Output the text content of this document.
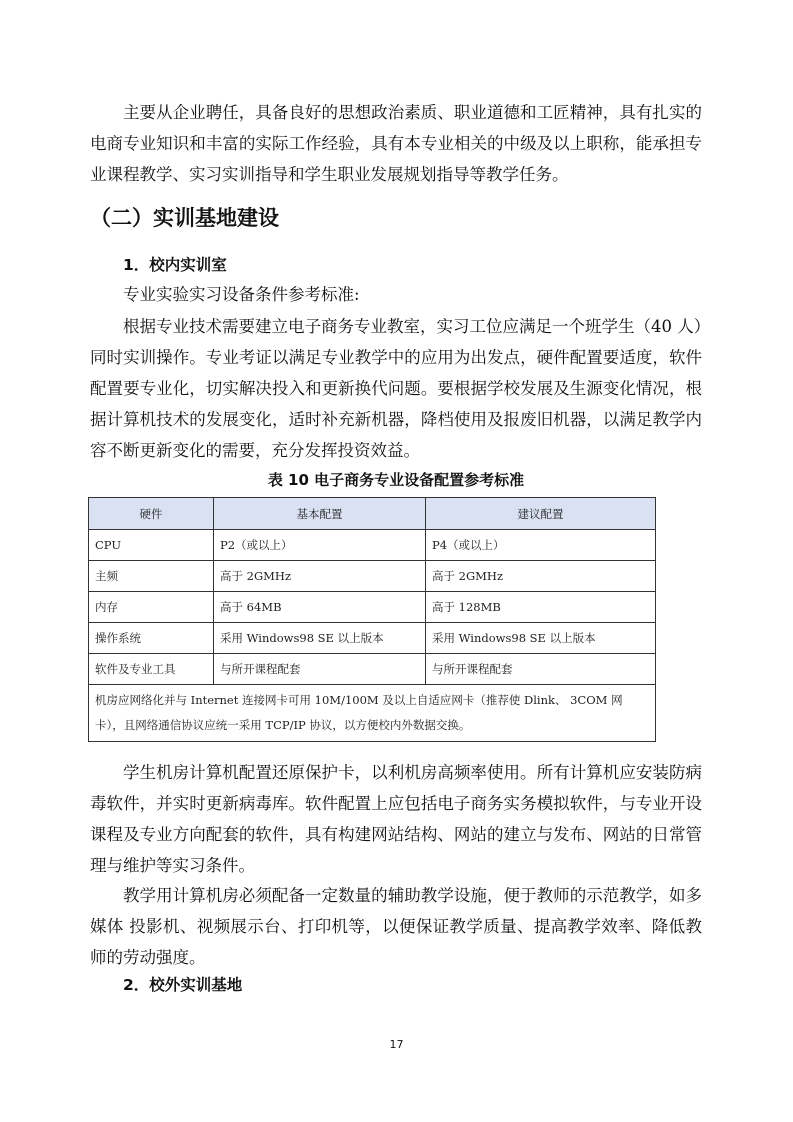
主要从企业聘任，具备良好的思想政治素质、职业道德和工匠精神，具有扎实的电商专业知识和丰富的实际工作经验，具有本专业相关的中级及以上职称，能承担专业课程教学、实习实训指导和学生职业发展规划指导等教学任务。

（二）实训基地建设
1．校内实训室

专业实验实习设备条件参考标准:

根据专业技术需要建立电子商务专业教室，实习工位应满足一个班学生（40 人）同时实训操作。专业考证以满足专业教学中的应用为出发点，硬件配置要适度，软件配置要专业化，切实解决投入和更新换代问题。要根据学校发展及生源变化情况，根据计算机技术的发展变化，适时补充新机器，降档使用及报废旧机器，以满足教学内容不断更新变化的需要，充分发挥投资效益。

表 10 电子商务专业设备配置参考标准
硬件	基本配置	建议配置
CPU	P2（或以上）	P4（或以上）
主频	高于 2GMHz	高于 2GMHz
内存	高于 64MB	高于 128MB
操作系统	采用 Windows98 SE 以上版本	采用 Windows98 SE 以上版本
软件及专业工具	与所开课程配套	与所开课程配套
机房应网络化并与 Internet 连接网卡可用 10M/100M 及以上自适应网卡（推荐使 Dlink、 3COM 网卡），且网络通信协议应统一采用 TCP/IP 协议，以方便校内外数据交换。		

学生机房计算机配置还原保护卡，以利机房高频率使用。所有计算机应安装防病毒软件，并实时更新病毒库。软件配置上应包括电子商务实务模拟软件，与专业开设课程及专业方向配套的软件，具有构建网站结构、网站的建立与发布、网站的日常管理与维护等实习条件。

教学用计算机房必须配备一定数量的辅助教学设施，便于教师的示范教学，如多媒体 投影机、视频展示台、打印机等，以便保证教学质量、提高教学效率、降低教师的劳动强度。

2．校外实训基地
17
